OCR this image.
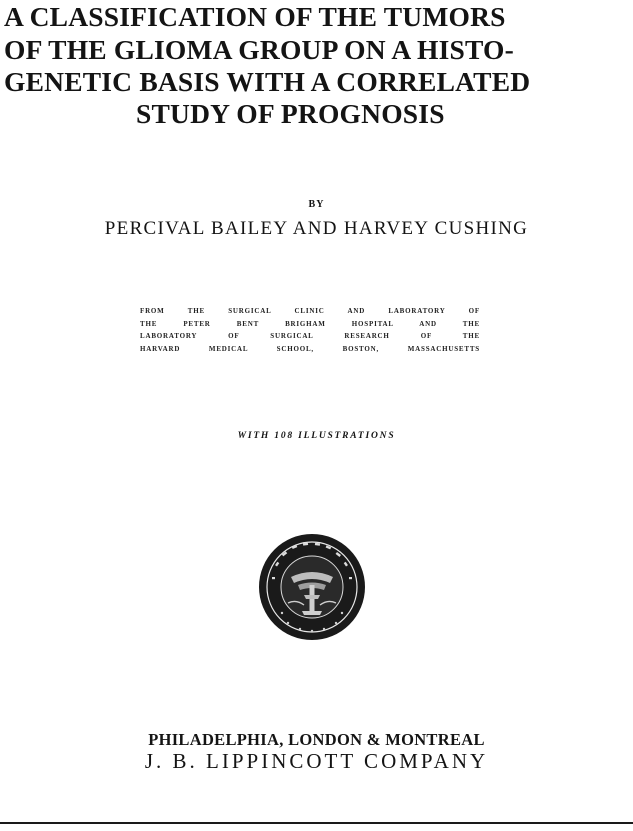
A CLASSIFICATION OF THE TUMORS
OF THE GLIOMA GROUP ON A HISTO-
GENETIC BASIS WITH A CORRELATED
STUDY OF PROGNOSIS
BY
PERCIVAL BAILEY AND HARVEY CUSHING
FROM THE SURGICAL CLINIC AND LABORATORY OF
THE PETER BENT BRIGHAM HOSPITAL AND THE
LABORATORY OF SURGICAL RESEARCH OF THE
HARVARD MEDICAL SCHOOL, BOSTON, MASSACHUSETTS
WITH 108 ILLUSTRATIONS
PHILADELPHIA, LONDON & MONTREAL
J. B. LIPPINCOTT COMPANY
